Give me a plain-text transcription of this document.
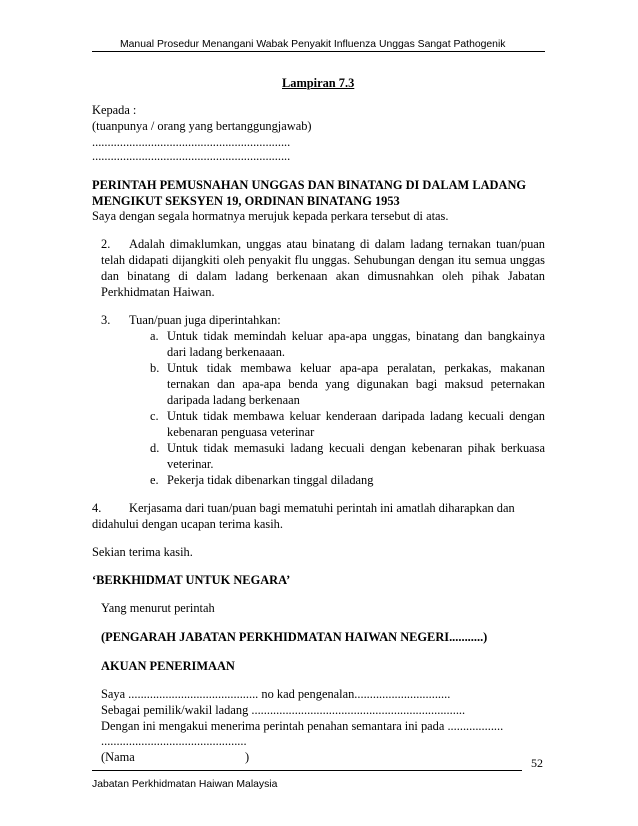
Manual Prosedur Menangani Wabak Penyakit Influenza Unggas Sangat Pathogenik
Lampiran 7.3
Kepada :
(tuanpunya / orang yang bertanggungjawab)
................................................................
................................................................
PERINTAH PEMUSNAHAN UNGGAS DAN BINATANG DI DALAM LADANG
MENGIKUT SEKSYEN 19, ORDINAN BINATANG 1953
Saya dengan segala hormatnya merujuk kepada perkara tersebut di atas.
2. Adalah dimaklumkan, unggas atau binatang di dalam ladang ternakan tuan/puan
telah didapati dijangkiti oleh penyakit flu unggas. Sehubungan dengan itu semua unggas
dan binatang di dalam ladang berkenaan akan dimusnahkan oleh pihak Jabatan
Perkhidmatan Haiwan.
3. Tuan/puan juga diperintahkan:
a. Untuk tidak memindah keluar apa-apa unggas, binatang dan bangkainya
dari ladang berkenaaan.
b. Untuk tidak membawa keluar apa-apa peralatan, perkakas, makanan
ternakan dan apa-apa benda yang digunakan bagi maksud peternakan
daripada ladang berkenaan
c. Untuk tidak membawa keluar kenderaan daripada ladang kecuali dengan
kebenaran penguasa veterinar
d. Untuk tidak memasuki ladang kecuali dengan kebenaran pihak berkuasa
veterinar.
e. Pekerja tidak dibenarkan tinggal diladang
4. Kerjasama dari tuan/puan bagi mematuhi perintah ini amatlah diharapkan dan
didahului dengan ucapan terima kasih.
Sekian terima kasih.
‘BERKHIDMAT UNTUK NEGARA’
Yang menurut perintah
(PENGARAH JABATAN PERKHIDMATAN HAIWAN NEGERI...........)
AKUAN PENERIMAAN
Saya .......................................... no kad pengenalan...............................
Sebagai pemilik/wakil ladang .....................................................................
Dengan ini mengakui menerima perintah penahan semantara ini pada ..................
...............................................
(Nama	)	52
Jabatan Perkhidmatan Haiwan Malaysia
